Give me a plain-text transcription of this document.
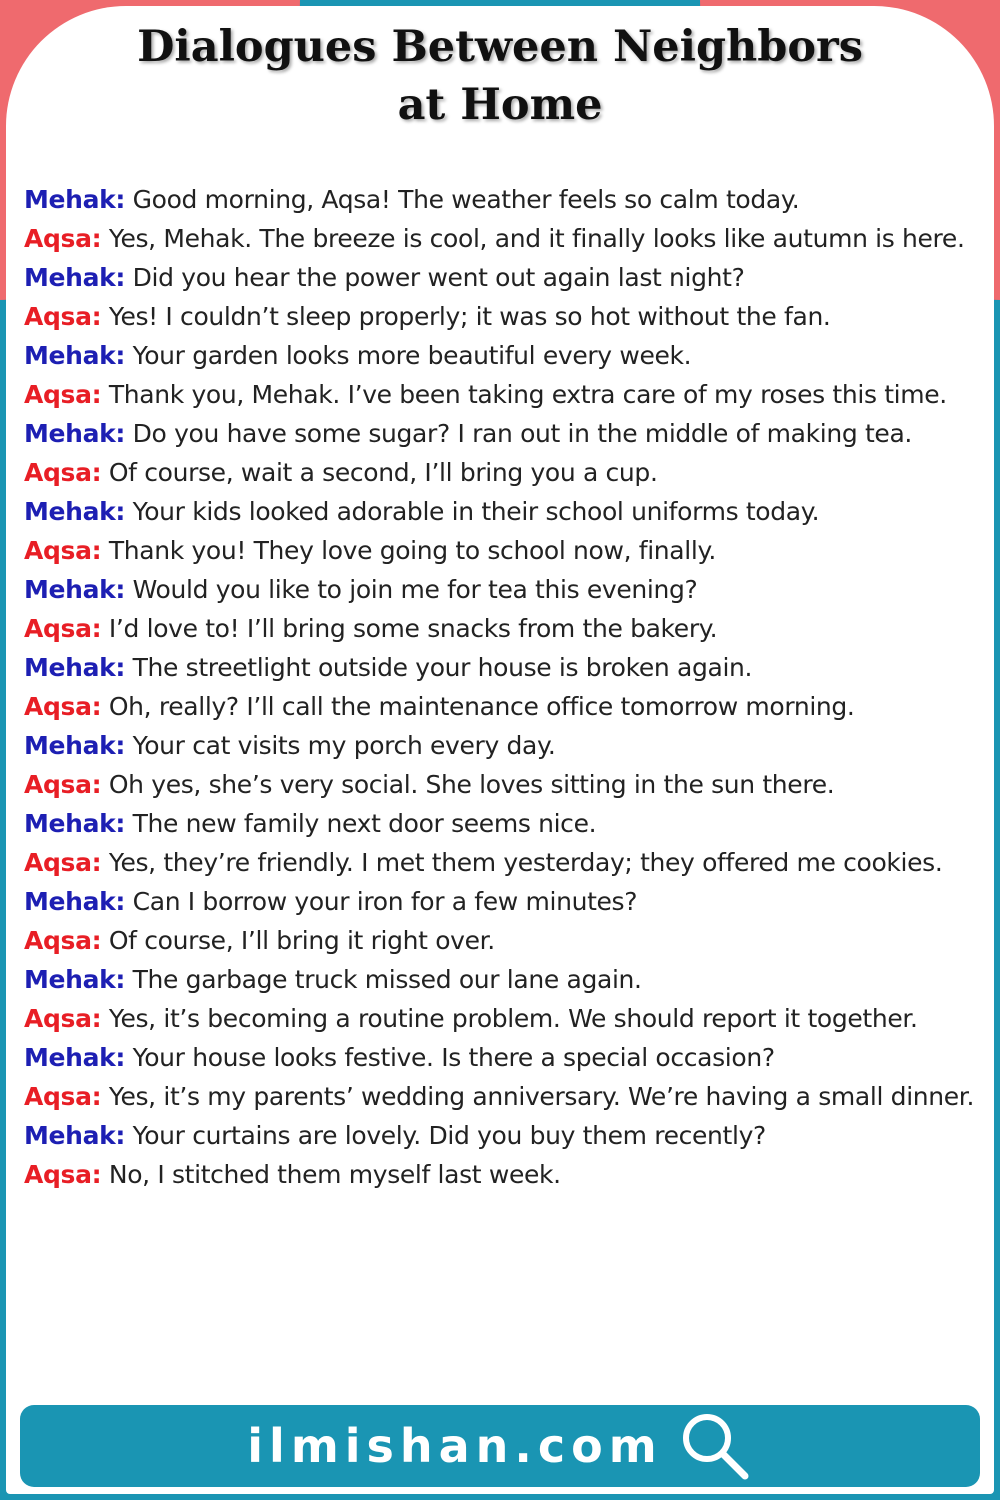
Dialogues Between Neighbors
at Home

Mehak: Good morning, Aqsa! The weather feels so calm today.

Aqsa: Yes, Mehak. The breeze is cool, and it finally looks like autumn is here.

Mehak: Did you hear the power went out again last night?

Aqsa: Yes! I couldn’t sleep properly; it was so hot without the fan.

Mehak: Your garden looks more beautiful every week.

Aqsa: Thank you, Mehak. I’ve been taking extra care of my roses this time.

Mehak: Do you have some sugar? I ran out in the middle of making tea.

Aqsa: Of course, wait a second, I’ll bring you a cup.

Mehak: Your kids looked adorable in their school uniforms today.

Aqsa: Thank you! They love going to school now, finally.

Mehak: Would you like to join me for tea this evening?

Aqsa: I’d love to! I’ll bring some snacks from the bakery.

Mehak: The streetlight outside your house is broken again.

Aqsa: Oh, really? I’ll call the maintenance office tomorrow morning.

Mehak: Your cat visits my porch every day.

Aqsa: Oh yes, she’s very social. She loves sitting in the sun there.

Mehak: The new family next door seems nice.

Aqsa: Yes, they’re friendly. I met them yesterday; they offered me cookies.

Mehak: Can I borrow your iron for a few minutes?

Aqsa: Of course, I’ll bring it right over.

Mehak: The garbage truck missed our lane again.

Aqsa: Yes, it’s becoming a routine problem. We should report it together.

Mehak: Your house looks festive. Is there a special occasion?

Aqsa: Yes, it’s my parents’ wedding anniversary. We’re having a small dinner.

Mehak: Your curtains are lovely. Did you buy them recently?

Aqsa: No, I stitched them myself last week.

ilmishan.com
